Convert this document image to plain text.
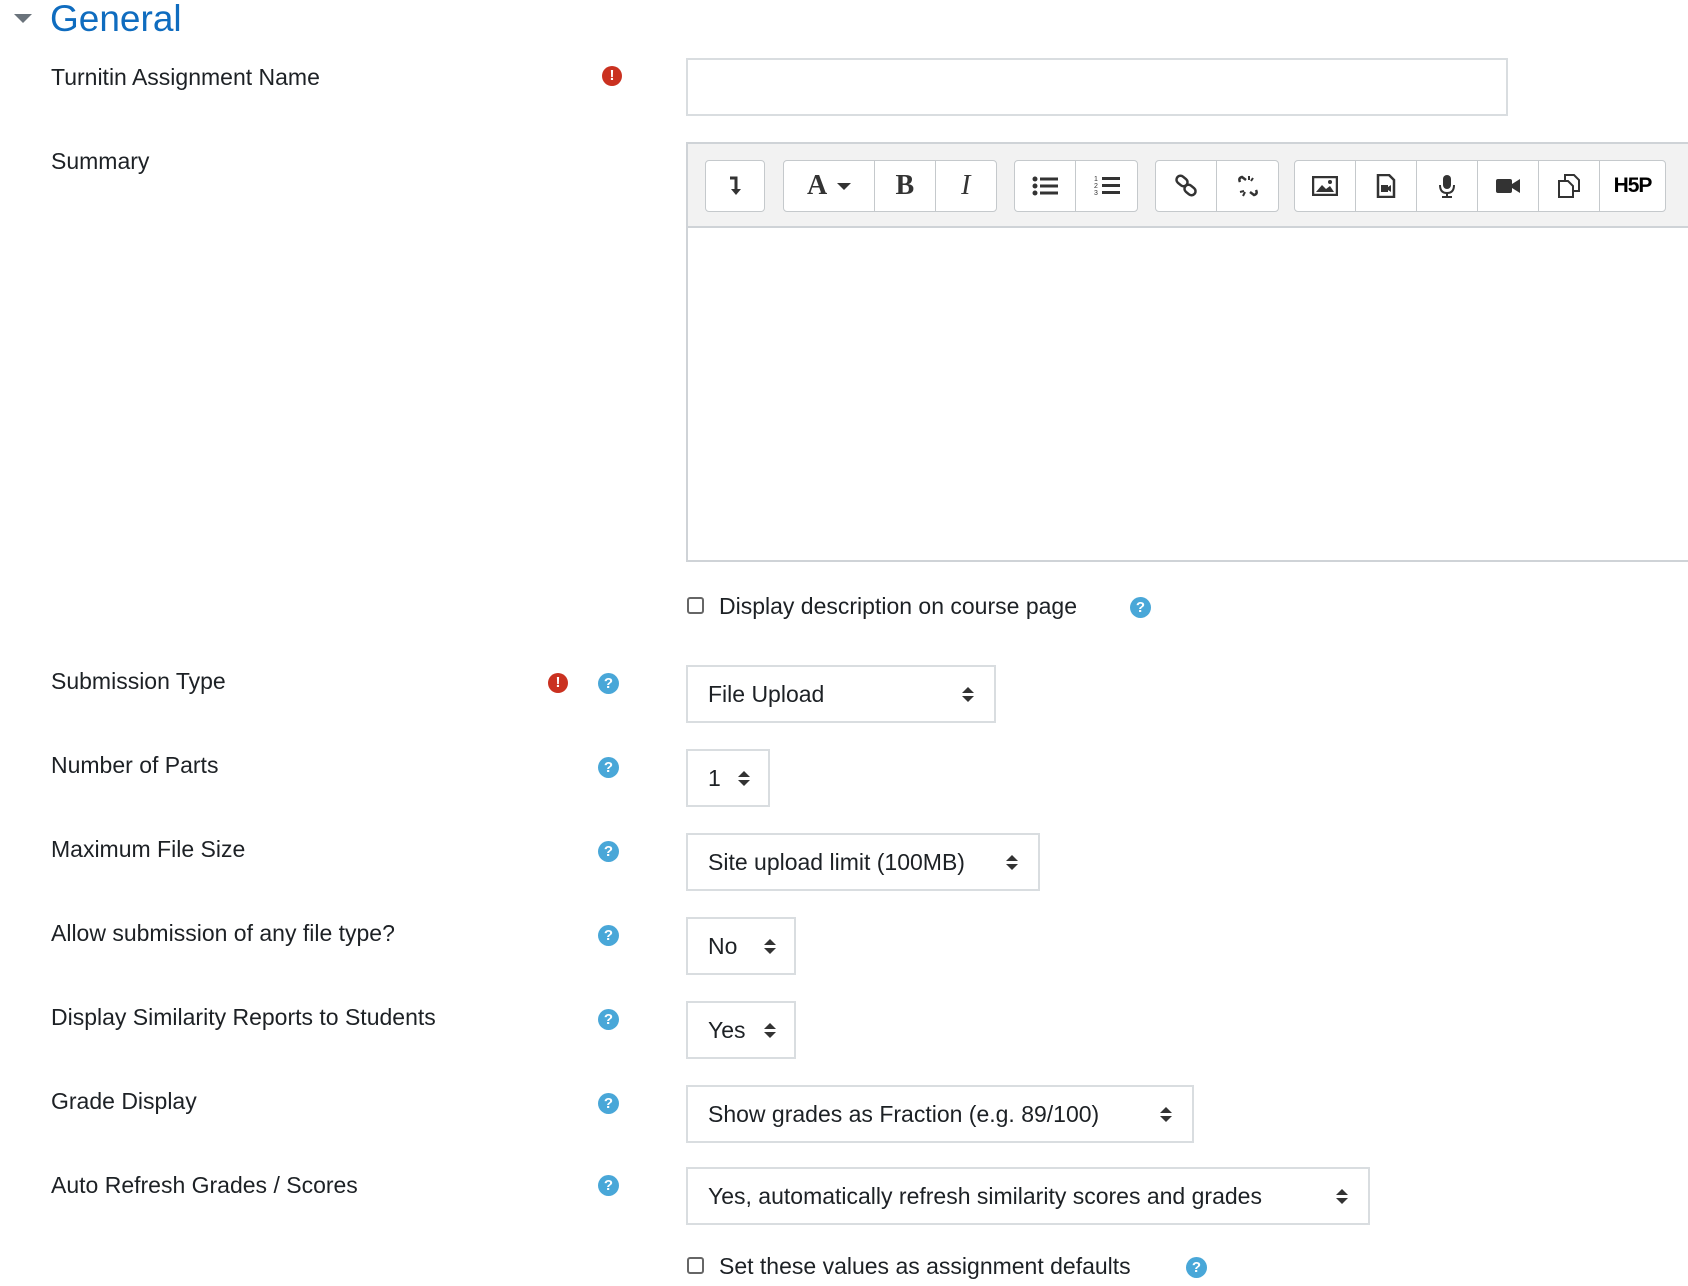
General
Turnitin Assignment Name	!
Summary
A B I	1
2
3	H5P
Display description on course page	?
Submission Type	!	?	File Upload
Number of Parts	?	1
Maximum File Size	?	Site upload limit (100MB)
Allow submission of any file type?	?	No
Display Similarity Reports to Students	?	Yes
Grade Display	?	Show grades as Fraction (e.g. 89/100)
Auto Refresh Grades / Scores	?	Yes, automatically refresh similarity scores and grades
Set these values as assignment defaults	?
